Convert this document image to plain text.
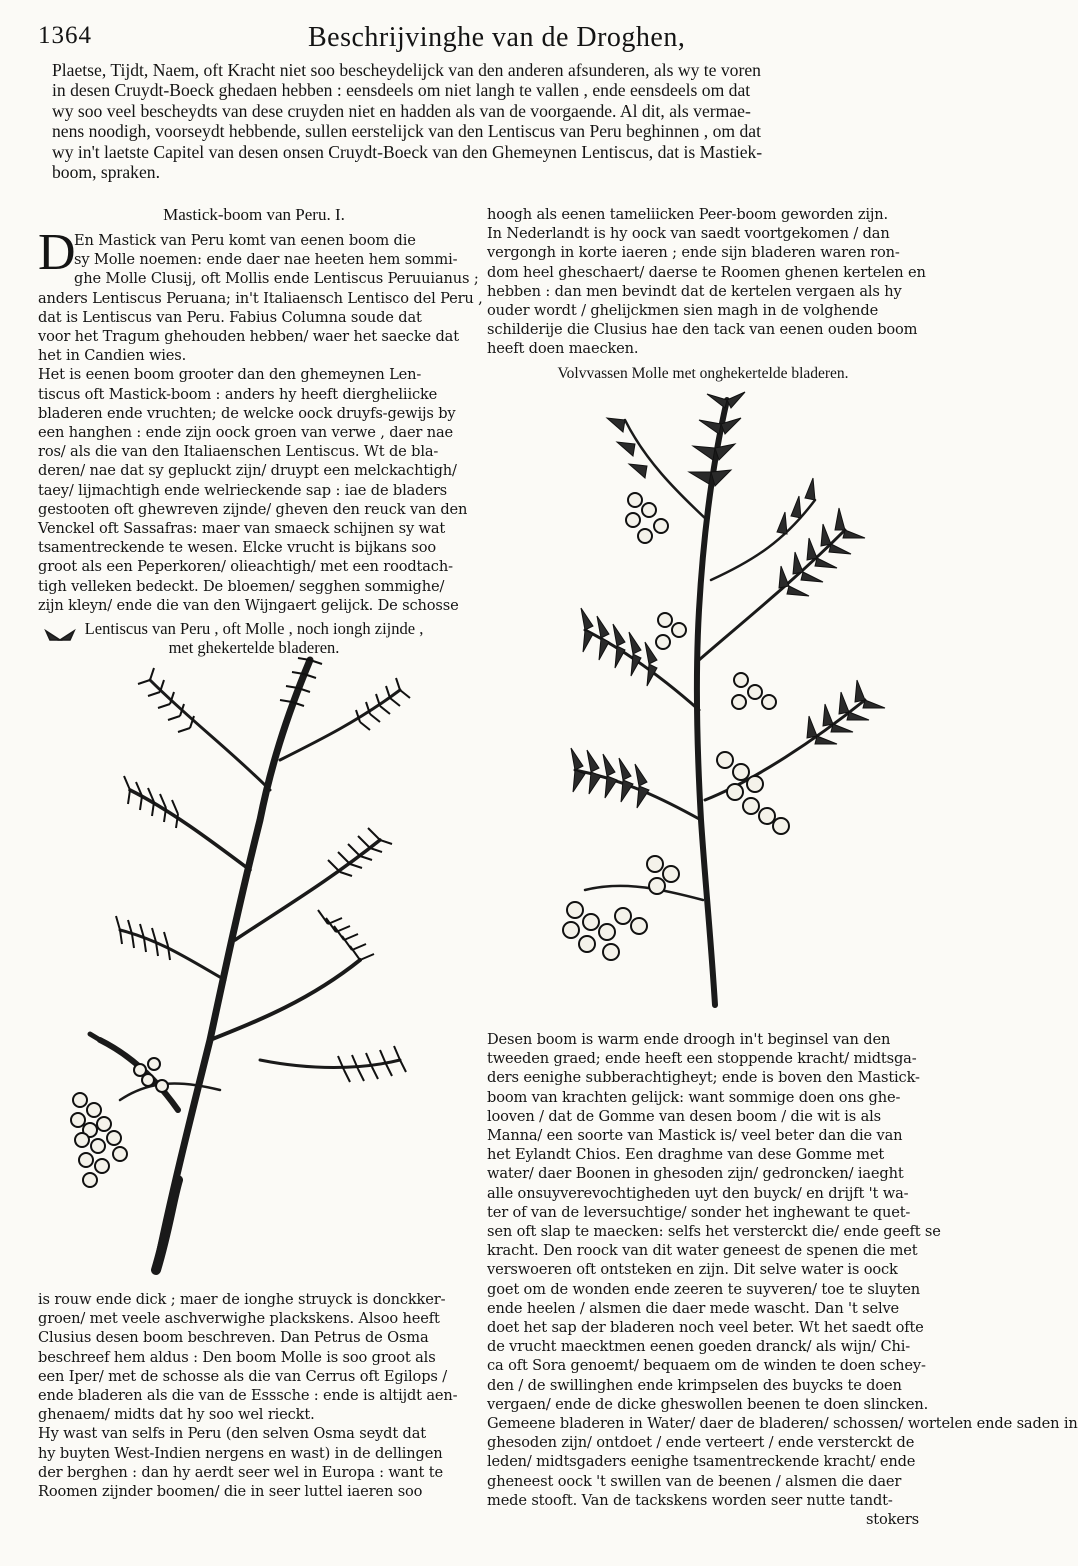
1364	Beschrijvinghe van de Droghen,
Plaetse, Tijdt, Naem, oft Kracht niet soo bescheydelijck van den anderen afsunderen, als wy te voren
in desen Cruydt-Boeck ghedaen hebben : eensdeels om niet langh te vallen , ende eensdeels om dat
wy soo veel bescheydts van dese cruyden niet en hadden als van de voorgaende. Al dit, als vermae-
nens noodigh, voorseydt hebbende, sullen eerstelijck van den Lentiscus van Peru beghinnen , om dat
wy in't laetste Capitel van desen onsen Cruydt-Boeck van den Ghemeynen Lentiscus, dat is Mastiek-
boom, spraken.
Mastick-boom van Peru. I.
D
En Mastick van Peru komt van eenen boom die
sy Molle noemen: ende daer nae heeten hem sommi-
ghe Molle Clusij, oft Mollis ende Lentiscus Peruuianus ;
anders Lentiscus Peruana; in't Italiaensch Lentisco del Peru ,
dat is Lentiscus van Peru. Fabius Columna soude dat
voor het Tragum ghehouden hebben/ waer het saecke dat
het in Candien wies.
Het is eenen boom grooter dan den ghemeynen Len-
tiscus oft Mastick-boom : anders hy heeft diergheliicke
bladeren ende vruchten; de welcke oock druyfs-gewijs by
een hanghen : ende zijn oock groen van verwe , daer nae
ros/ als die van den Italiaenschen Lentiscus. Wt de bla-
deren/ nae dat sy gepluckt zijn/ druypt een melckachtigh/
taey/ lijmachtigh ende welrieckende sap : iae de bladers
gestooten oft ghewreven zijnde/ gheven den reuck van den
Venckel oft Sassafras: maer van smaeck schijnen sy wat
tsamentreckende te wesen. Elcke vrucht is bijkans soo
groot als een Peperkoren/ olieachtigh/ met een roodtach-
tigh velleken bedeckt. De bloemen/ segghen sommighe/
zijn kleyn/ ende die van den Wijngaert gelijck. De schosse
Lentiscus van Peru , oft Molle , noch iongh zijnde ,
met ghekertelde bladeren.
is rouw ende dick ; maer de ionghe struyck is donckker-
groen/ met veele aschverwighe plackskens. Alsoo heeft
Clusius desen boom beschreven. Dan Petrus de Osma
beschreef hem aldus : Den boom Molle is soo groot als
een Iper/ met de schosse als die van Cerrus oft Egilops /
ende bladeren als die van de Esssche : ende is altijdt aen-
ghenaem/ midts dat hy soo wel rieckt.
Hy wast van selfs in Peru (den selven Osma seydt dat
hy buyten West-Indien nergens en wast) in de dellingen
der berghen : dan hy aerdt seer wel in Europa : want te
Roomen zijnder boomen/ die in seer luttel iaeren soo
hoogh als eenen tameliicken Peer-boom geworden zijn.
In Nederlandt is hy oock van saedt voortgekomen / dan
vergongh in korte iaeren ; ende sijn bladeren waren ron-
dom heel gheschaert/ daerse te Roomen ghenen kertelen en
hebben : dan men bevindt dat de kertelen vergaen als hy
ouder wordt / ghelijckmen sien magh in de volghende
schilderije die Clusius hae den tack van eenen ouden boom
heeft doen maecken.
Volvvassen Molle met onghekertelde bladeren.
Desen boom is warm ende droogh in't beginsel van den
tweeden graed; ende heeft een stoppende kracht/ midtsga-
ders eenighe subberachtigheyt; ende is boven den Mastick-
boom van krachten gelijck: want sommige doen ons ghe-
looven / dat de Gomme van desen boom / die wit is als
Manna/ een soorte van Mastick is/ veel beter dan die van
het Eylandt Chios. Een draghme van dese Gomme met
water/ daer Boonen in ghesoden zijn/ gedroncken/ iaeght
alle onsuyverevochtigheden uyt den buyck/ en drijft 't wa-
ter of van de leversuchtige/ sonder het inghewant te quet-
sen oft slap te maecken: selfs het versterckt die/ ende geeft se
kracht. Den roock van dit water geneest de spenen die met
verswoeren oft ontsteken en zijn. Dit selve water is oock
goet om de wonden ende zeeren te suyveren/ toe te sluyten
ende heelen / alsmen die daer mede wascht. Dan 't selve
doet het sap der bladeren noch veel beter. Wt het saedt ofte
de vrucht maecktmen eenen goeden dranck/ als wijn/ Chi-
ca oft Sora genoemt/ bequaem om de winden te doen schey-
den / de swillinghen ende krimpselen des buycks te doen
vergaen/ ende de dicke gheswollen beenen te doen slincken.
Gemeene bladeren in Water/ daer de bladeren/ schossen/ wortelen ende saden in
ghesoden zijn/ ontdoet / ende verteert / ende versterckt de
leden/ midtsgaders eenighe tsamentreckende kracht/ ende
gheneest oock 't swillen van de beenen / alsmen die daer
mede stooft. Van de tackskens worden seer nutte tandt-
stokers
